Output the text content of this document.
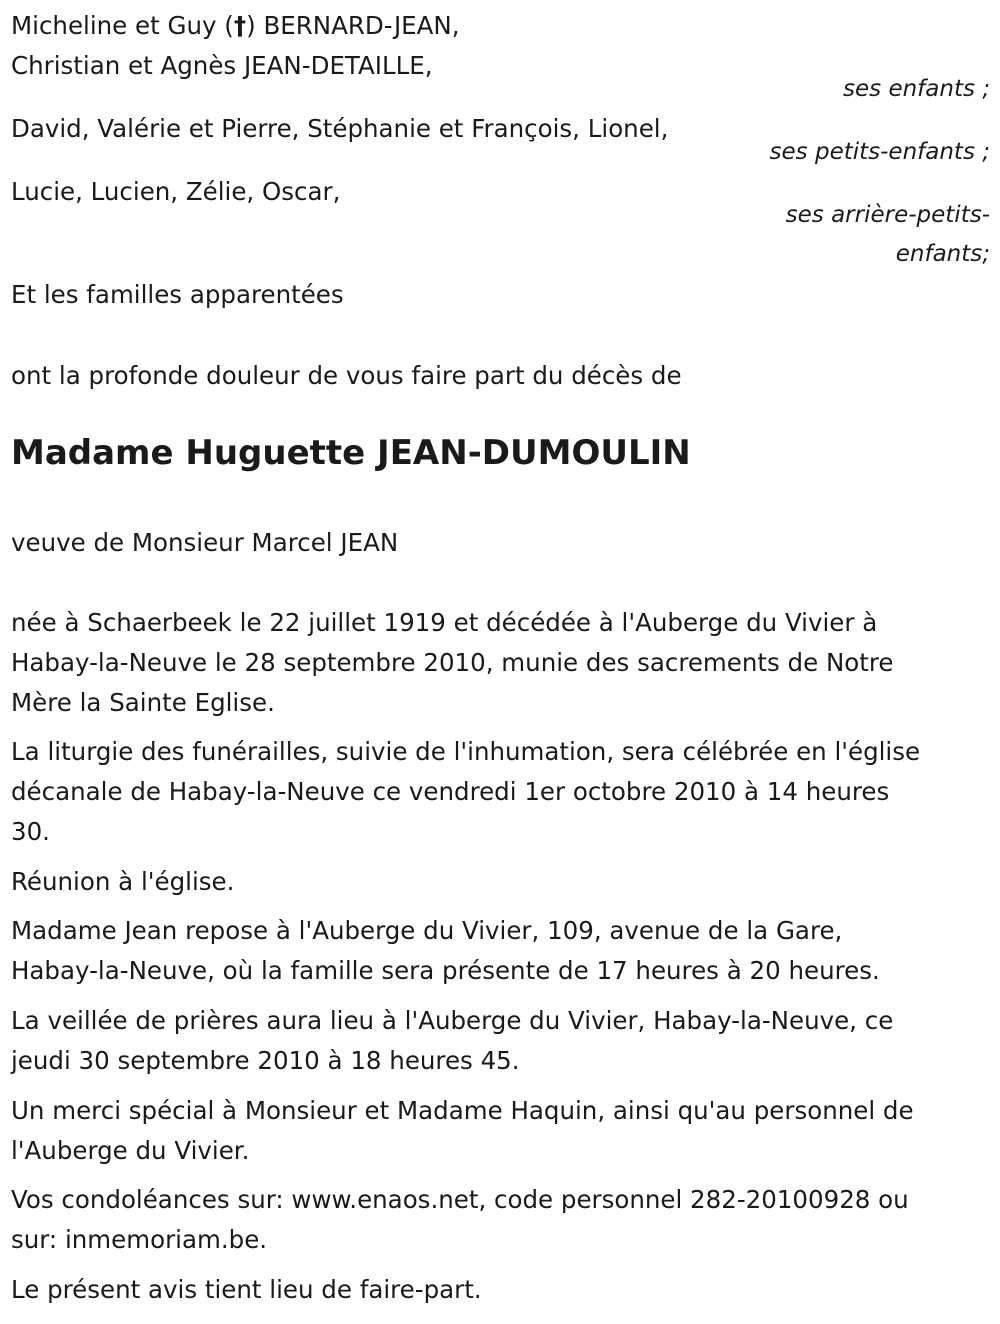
Micheline et Guy (†) BERNARD-JEAN,
Christian et Agnès JEAN-DETAILLE,
ses enfants ;
David, Valérie et Pierre, Stéphanie et François, Lionel,
ses petits-enfants ;
Lucie, Lucien, Zélie, Oscar,
ses arrière-petits-
enfants;
Et les familles apparentées
ont la profonde douleur de vous faire part du décès de
Madame Huguette JEAN-DUMOULIN
veuve de Monsieur Marcel JEAN
née à Schaerbeek le 22 juillet 1919 et décédée à l'Auberge du Vivier à
Habay-la-Neuve le 28 septembre 2010, munie des sacrements de Notre
Mère la Sainte Eglise.
La liturgie des funérailles, suivie de l'inhumation, sera célébrée en l'église
décanale de Habay-la-Neuve ce vendredi 1er octobre 2010 à 14 heures
30.
Réunion à l'église.
Madame Jean repose à l'Auberge du Vivier, 109, avenue de la Gare,
Habay-la-Neuve, où la famille sera présente de 17 heures à 20 heures.
La veillée de prières aura lieu à l'Auberge du Vivier, Habay-la-Neuve, ce
jeudi 30 septembre 2010 à 18 heures 45.
Un merci spécial à Monsieur et Madame Haquin, ainsi qu'au personnel de
l'Auberge du Vivier.
Vos condoléances sur: www.enaos.net, code personnel 282-20100928 ou
sur: inmemoriam.be.
Le présent avis tient lieu de faire-part.
